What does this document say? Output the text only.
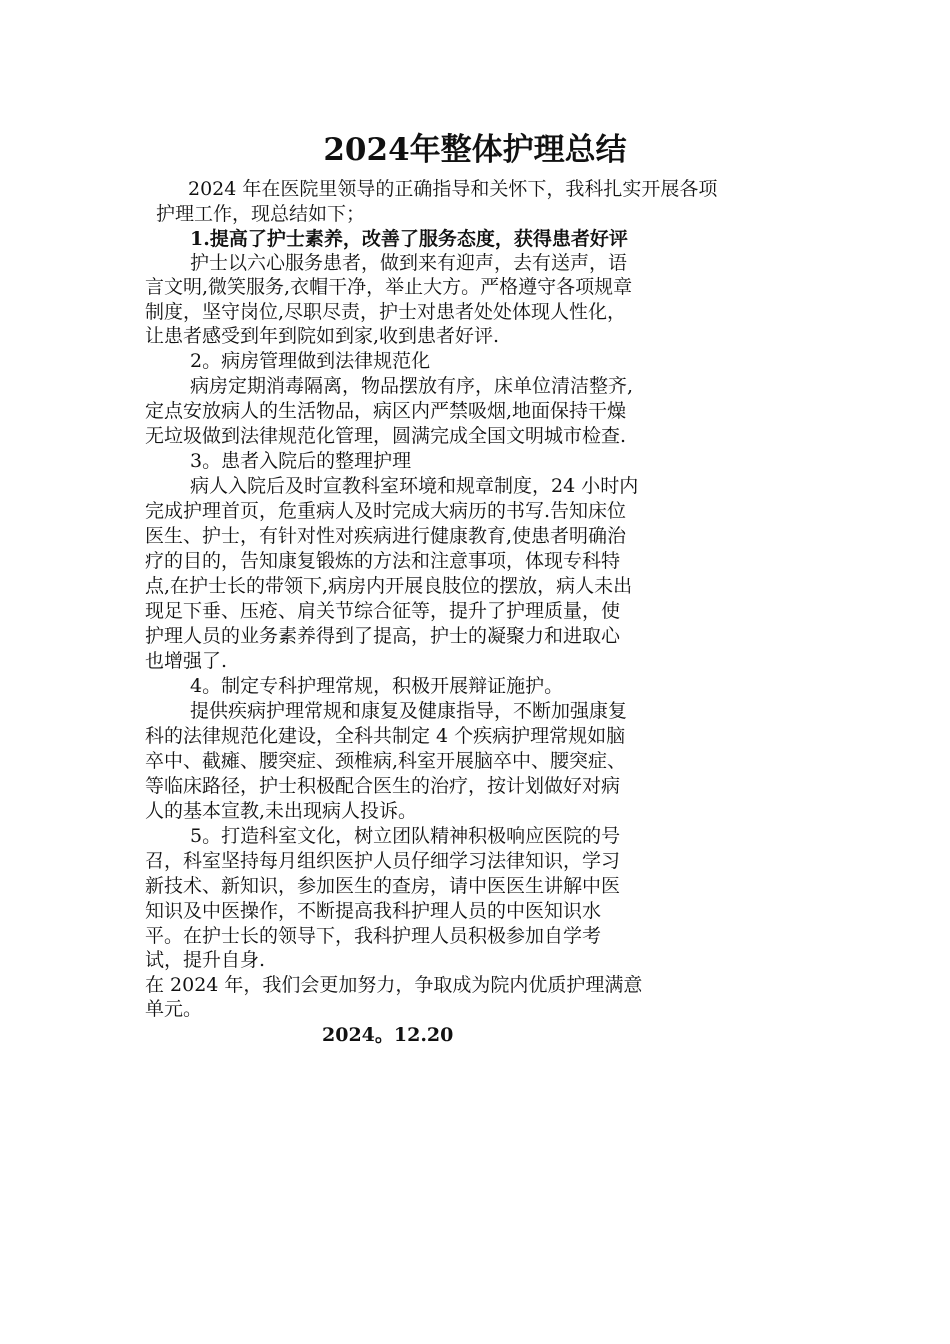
2024年整体护理总结
2024 年在医院里领导的正确指导和关怀下，我科扎实开展各项
护理工作，现总结如下；
1.提高了护士素养，改善了服务态度，获得患者好评
护士以六心服务患者，做到来有迎声，去有送声，语
言文明,微笑服务,衣帽干净，举止大方。严格遵守各项规章
制度，坚守岗位,尽职尽责，护士对患者处处体现人性化，
让患者感受到年到院如到家,收到患者好评.
2。病房管理做到法律规范化
病房定期消毒隔离，物品摆放有序，床单位清洁整齐,
定点安放病人的生活物品，病区内严禁吸烟,地面保持干燥
无垃圾做到法律规范化管理，圆满完成全国文明城市检查.
3。患者入院后的整理护理
病人入院后及时宣教科室环境和规章制度，24 小时内
完成护理首页，危重病人及时完成大病历的书写.告知床位
医生、护士，有针对性对疾病进行健康教育,使患者明确治
疗的目的，告知康复锻炼的方法和注意事项，体现专科特
点,在护士长的带领下,病房内开展良肢位的摆放，病人未出
现足下垂、压疮、肩关节综合征等，提升了护理质量，使
护理人员的业务素养得到了提高，护士的凝聚力和进取心
也增强了.
4。制定专科护理常规，积极开展辩证施护。
提供疾病护理常规和康复及健康指导，不断加强康复
科的法律规范化建设，全科共制定 4 个疾病护理常规如脑
卒中、截瘫、腰突症、颈椎病,科室开展脑卒中、腰突症、
等临床路径，护士积极配合医生的治疗，按计划做好对病
人的基本宣教,未出现病人投诉。
5。打造科室文化，树立团队精神积极响应医院的号
召，科室坚持每月组织医护人员仔细学习法律知识，学习
新技术、新知识，参加医生的查房，请中医医生讲解中医
知识及中医操作，不断提高我科护理人员的中医知识水
平。在护士长的领导下，我科护理人员积极参加自学考
试，提升自身.
在 2024 年，我们会更加努力，争取成为院内优质护理满意
单元。
2024。12.20
